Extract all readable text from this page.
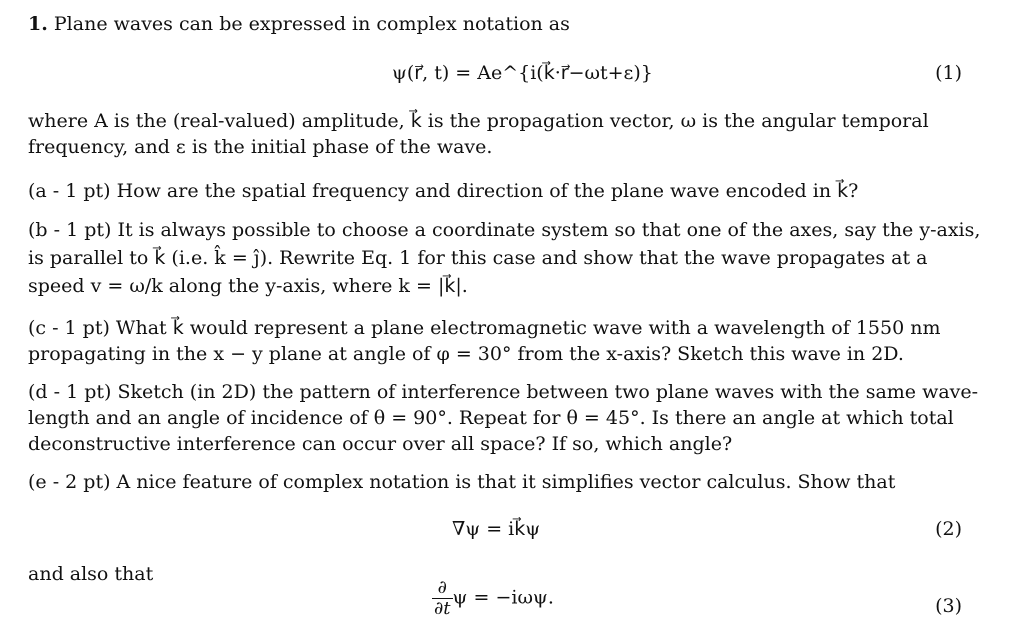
1. Plane waves can be expressed in complex notation as
ψ(r⃗, t) = Ae^{i(k⃗·r⃗−ωt+ε)}	(1)
where A is the (real-valued) amplitude, k⃗ is the propagation vector, ω is the angular temporal
frequency, and ε is the initial phase of the wave.
(a - 1 pt) How are the spatial frequency and direction of the plane wave encoded in k⃗?
(b - 1 pt) It is always possible to choose a coordinate system so that one of the axes, say the y-axis,
is parallel to k⃗ (i.e. k̂ = ĵ). Rewrite Eq. 1 for this case and show that the wave propagates at a
speed v = ω/k along the y-axis, where k = |k⃗|.
(c - 1 pt) What k⃗ would represent a plane electromagnetic wave with a wavelength of 1550 nm
propagating in the x − y plane at angle of φ = 30° from the x-axis? Sketch this wave in 2D.
(d - 1 pt) Sketch (in 2D) the pattern of interference between two plane waves with the same wave-
length and an angle of incidence of θ = 90°. Repeat for θ = 45°. Is there an angle at which total
deconstructive interference can occur over all space? If so, which angle?
(e - 2 pt) A nice feature of complex notation is that it simplifies vector calculus. Show that
∇ψ = ik⃗ψ	(2)
and also that
$\frac{\partial}{\partial t}$ ψ = −iωψ.	(3)
